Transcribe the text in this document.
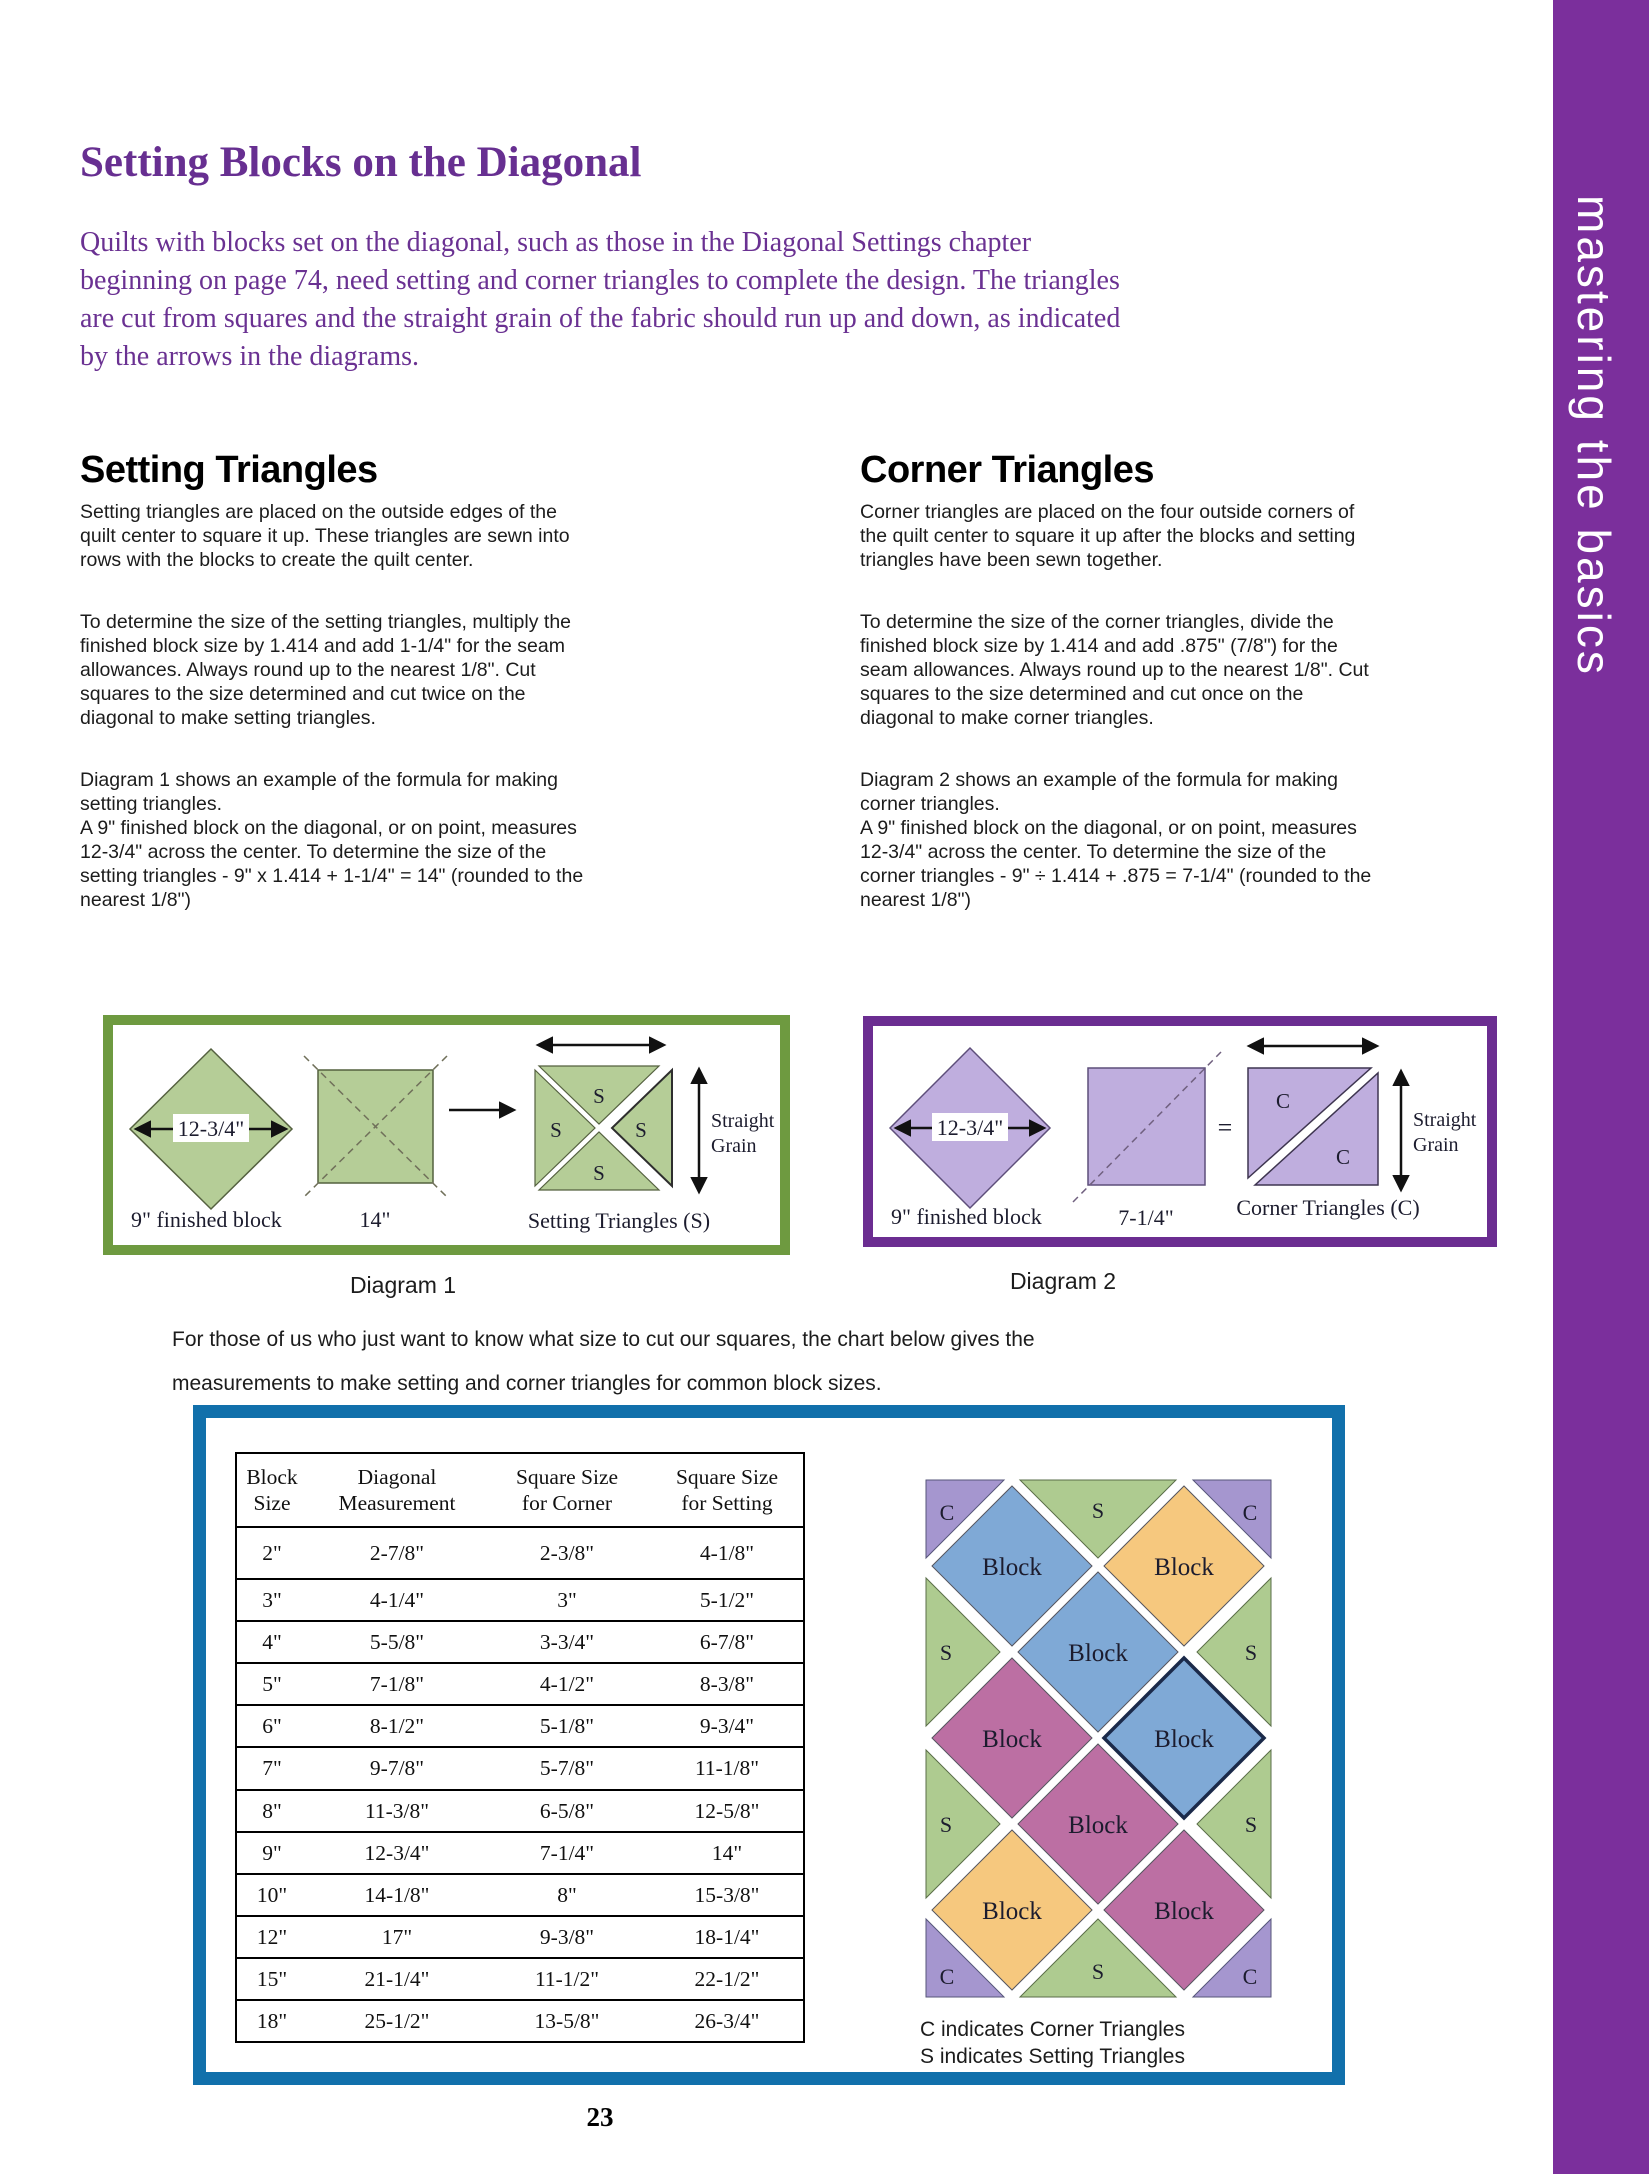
mastering the basics
Setting Blocks on the Diagonal
Quilts with blocks set on the diagonal, such as those in the Diagonal Settings chapter beginning on page 74, need setting and corner triangles to complete the design. The triangles are cut from squares and the straight grain of the fabric should run up and down, as indicated by the arrows in the diagrams.
Setting Triangles

Setting triangles are placed on the outside edges of the quilt center to square it up. These triangles are sewn into rows with the blocks to create the quilt center.

To determine the size of the setting triangles, multiply the finished block size by 1.414 and add 1-1/4" for the seam allowances. Always round up to the nearest 1/8". Cut squares to the size determined and cut twice on the diagonal to make setting triangles.

Diagram 1 shows an example of the formula for making setting triangles.

A 9" finished block on the diagonal, or on point, measures 12-3/4" across the center. To determine the size of the setting triangles - 9" x 1.414 + 1-1/4" = 14" (rounded to the nearest 1/8")

Corner Triangles

Corner triangles are placed on the four outside corners of the quilt center to square it up after the blocks and setting triangles have been sewn together.

To determine the size of the corner triangles, divide the finished block size by 1.414 and add .875" (7/8") for the seam allowances. Always round up to the nearest 1/8". Cut squares to the size determined and cut once on the diagonal to make corner triangles.

Diagram 2 shows an example of the formula for making corner triangles.

A 9" finished block on the diagonal, or on point, measures 12-3/4" across the center. To determine the size of the corner triangles - 9" ÷ 1.414 + .875 = 7-1/4" (rounded to the nearest 1/8")

12-3/4"
9" finished block	14"
S
S	S
S
Straight
Grain
Setting Triangles (S)
Diagram 1
12-3/4"
9" finished block	7-1/4"
=
C
C
Straight
Grain
Corner Triangles (C)
Diagram 2
For those of us who just want to know what size to cut our squares, the chart below gives the
measurements to make setting and corner triangles for common block sizes.
Block
Size
Diagonal
Measurement
Square Size
for Corner
Square Size
for Setting
2"	2-7/8"	2-3/8"	4-1/8"
3"	4-1/4"	3"	5-1/2"
4"	5-5/8"	3-3/4"	6-7/8"
5"	7-1/8"	4-1/2"	8-3/8"
6"	8-1/2"	5-1/8"	9-3/4"
7"	9-7/8"	5-7/8"	11-1/8"
8"	11-3/8"	6-5/8"	12-5/8"
9"	12-3/4"	7-1/4"	14"
10"	14-1/8"	8"	15-3/8"
12"	17"	9-3/8"	18-1/4"
15"	21-1/4"	11-1/2"	22-1/2"
18"	25-1/2"	13-5/8"	26-3/4"
C	C
C	C
S
S	S
S	S
S
Block	Block
Block
Block	Block
Block
Block	Block
C indicates Corner Triangles
S indicates Setting Triangles
23
